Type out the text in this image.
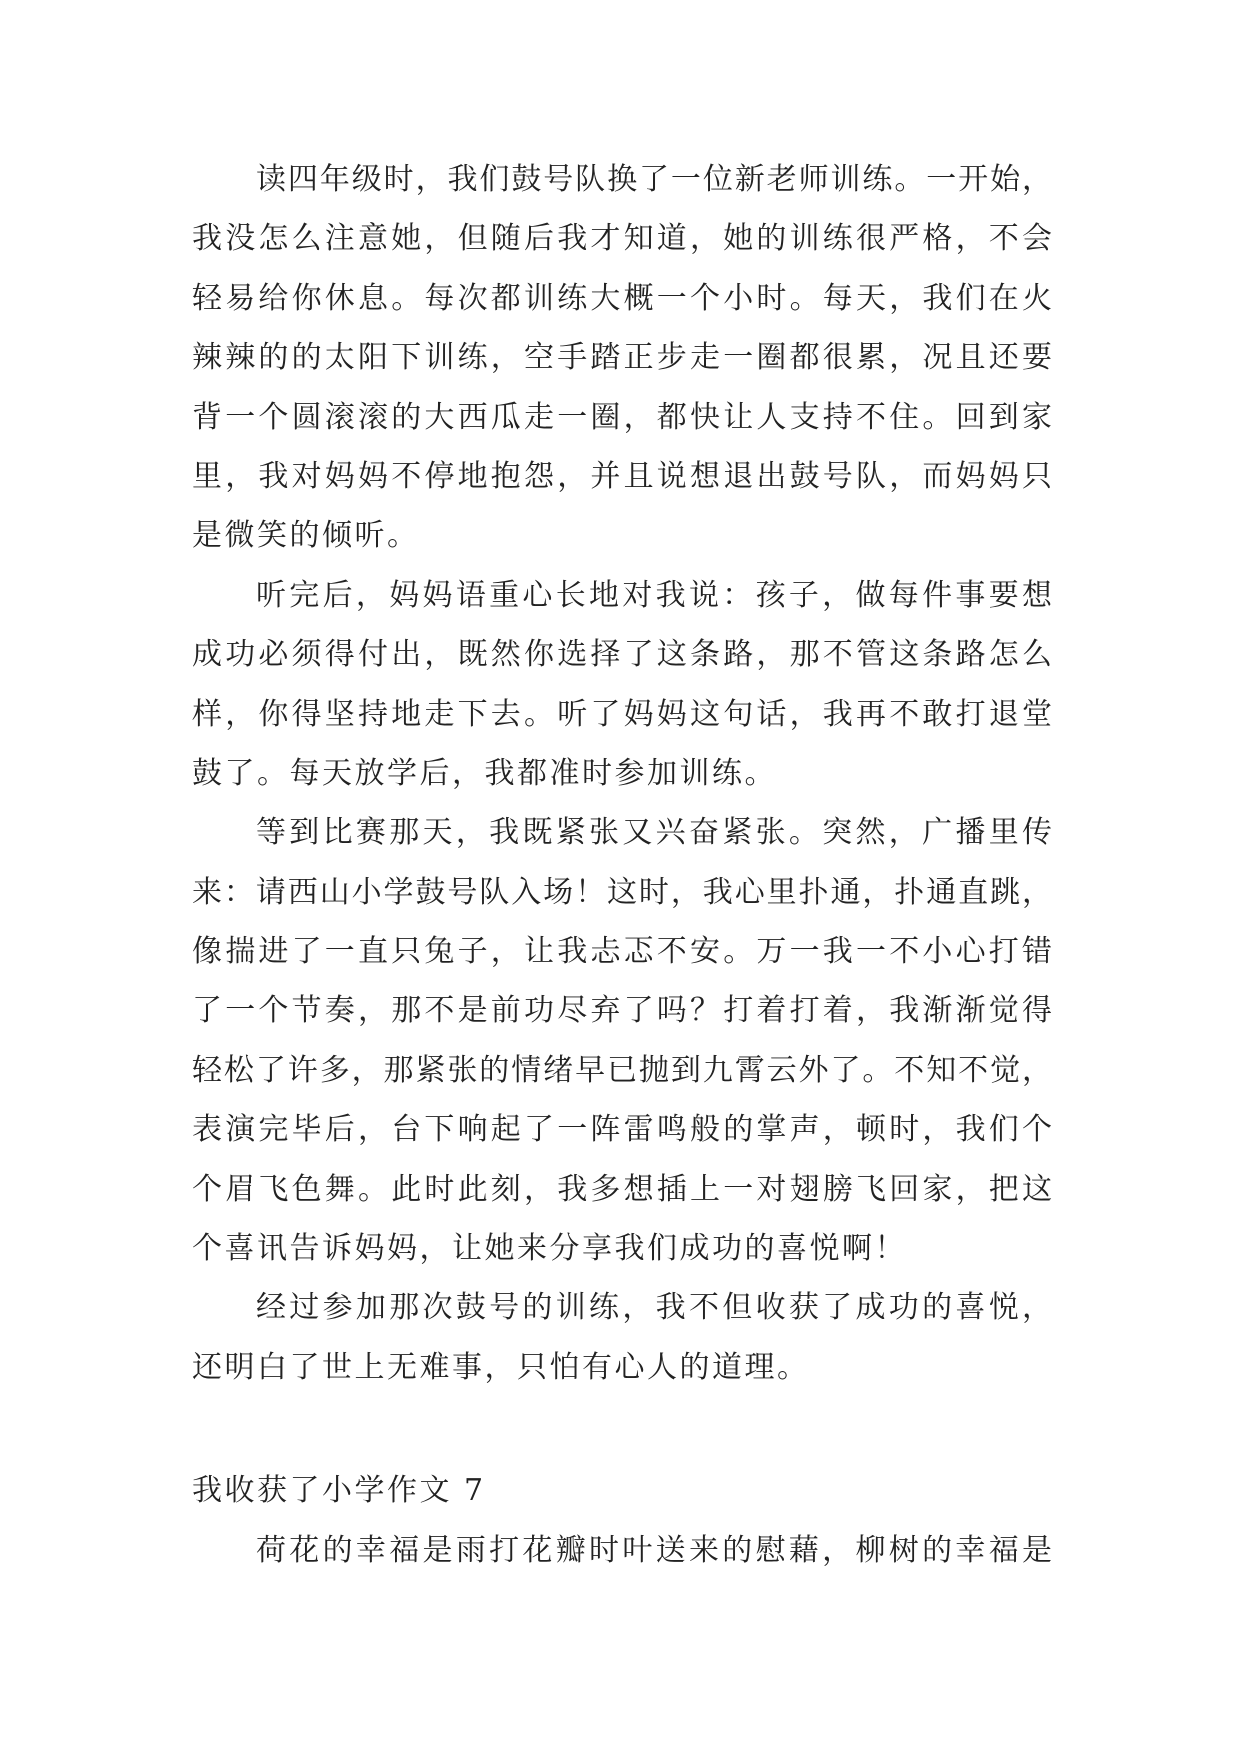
读四年级时，我们鼓号队换了一位新老师训练。一开始，
我没怎么注意她，但随后我才知道，她的训练很严格，不会
轻易给你休息。每次都训练大概一个小时。每天，我们在火
辣辣的的太阳下训练，空手踏正步走一圈都很累，况且还要
背一个圆滚滚的大西瓜走一圈，都快让人支持不住。回到家
里，我对妈妈不停地抱怨，并且说想退出鼓号队，而妈妈只
是微笑的倾听。
听完后，妈妈语重心长地对我说：孩子，做每件事要想
成功必须得付出，既然你选择了这条路，那不管这条路怎么
样，你得坚持地走下去。听了妈妈这句话，我再不敢打退堂
鼓了。每天放学后，我都准时参加训练。
等到比赛那天，我既紧张又兴奋紧张。突然，广播里传
来：请西山小学鼓号队入场！这时，我心里扑通，扑通直跳，
像揣进了一直只兔子，让我忐忑不安。万一我一不小心打错
了一个节奏，那不是前功尽弃了吗？打着打着，我渐渐觉得
轻松了许多，那紧张的情绪早已抛到九霄云外了。不知不觉，
表演完毕后，台下响起了一阵雷鸣般的掌声，顿时，我们个
个眉飞色舞。此时此刻，我多想插上一对翅膀飞回家，把这
个喜讯告诉妈妈，让她来分享我们成功的喜悦啊！
经过参加那次鼓号的训练，我不但收获了成功的喜悦，
还明白了世上无难事，只怕有心人的道理。
我收获了小学作文 7
荷花的幸福是雨打花瓣时叶送来的慰藉，柳树的幸福是
